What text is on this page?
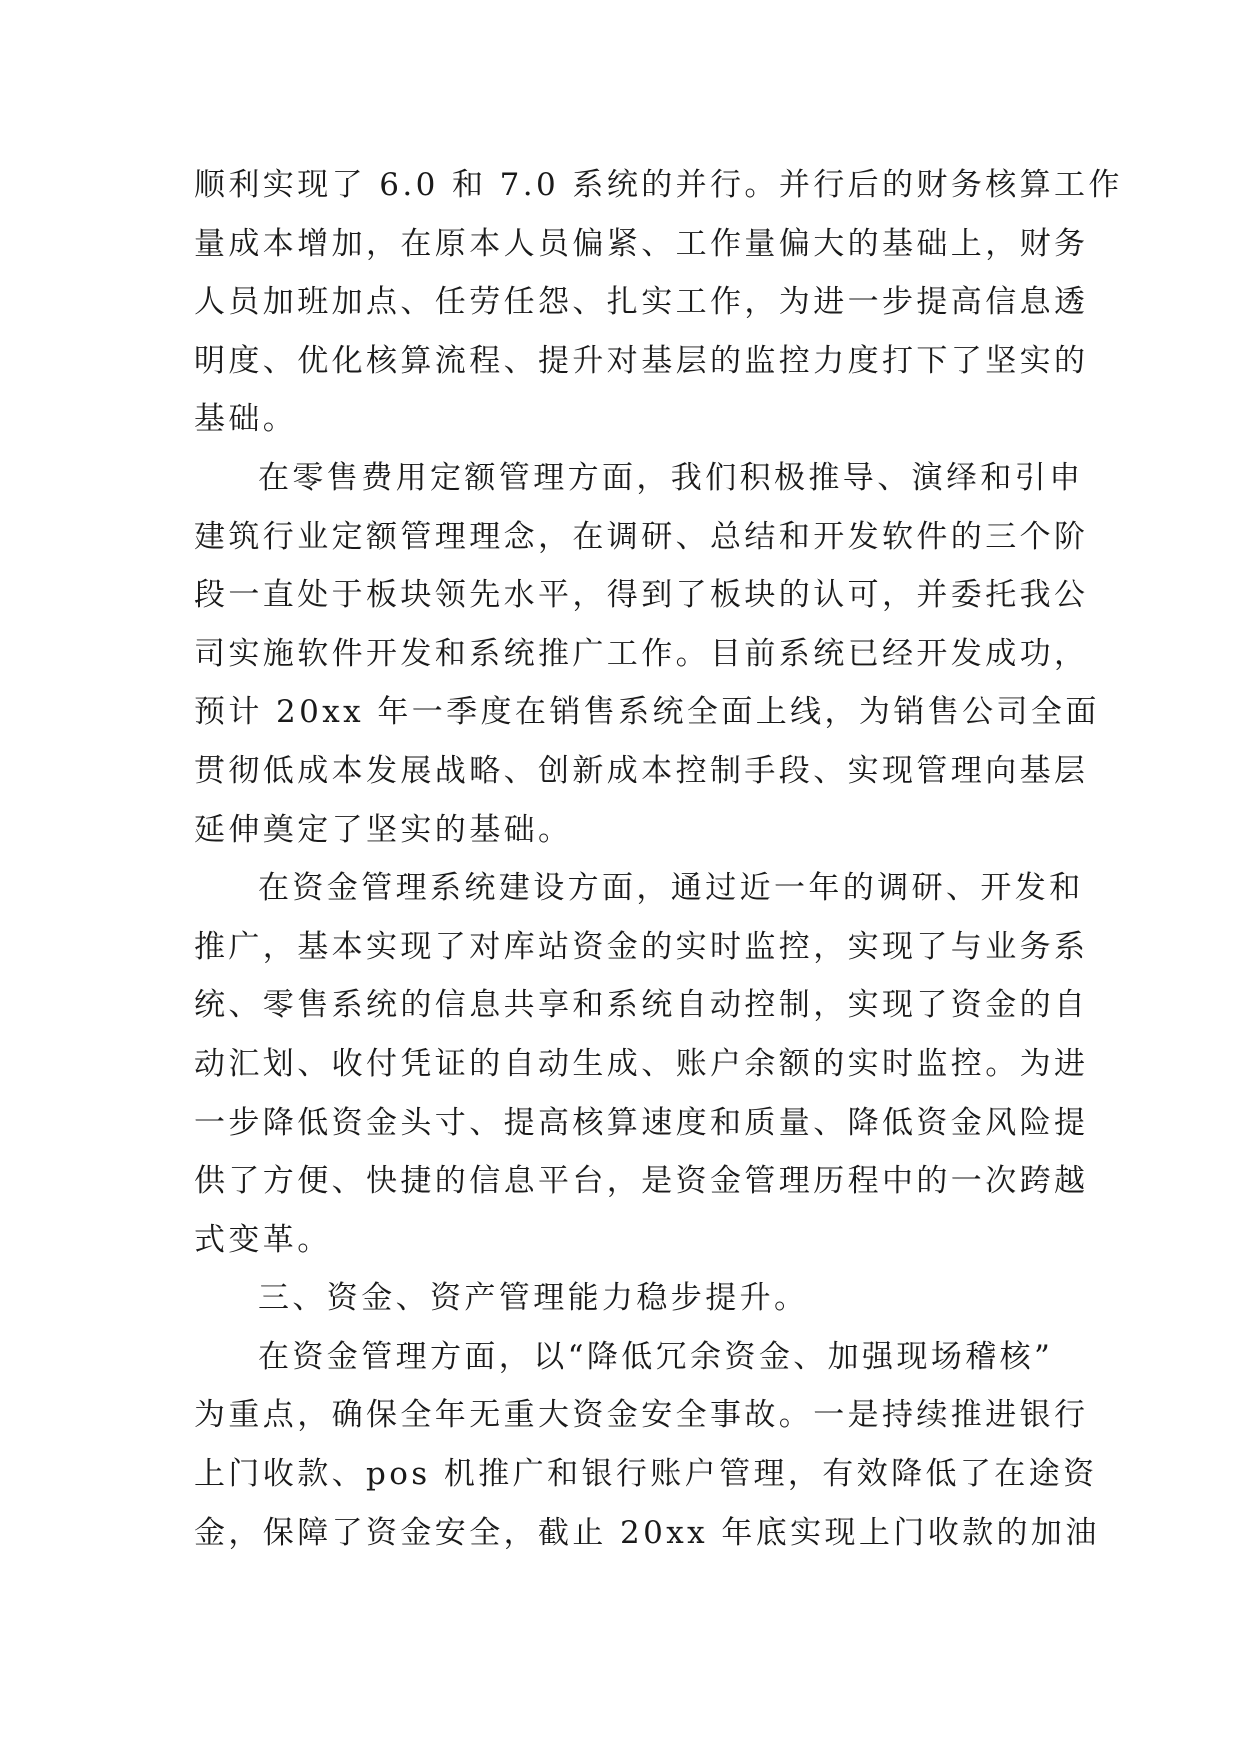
顺利实现了 6.0 和 7.0 系统的并行。并行后的财务核算工作
量成本增加，在原本人员偏紧、工作量偏大的基础上，财务
人员加班加点、任劳任怨、扎实工作，为进一步提高信息透
明度、优化核算流程、提升对基层的监控力度打下了坚实的
基础。
在零售费用定额管理方面，我们积极推导、演绎和引申
建筑行业定额管理理念，在调研、总结和开发软件的三个阶
段一直处于板块领先水平，得到了板块的认可，并委托我公
司实施软件开发和系统推广工作。目前系统已经开发成功，
预计 20xx 年一季度在销售系统全面上线，为销售公司全面
贯彻低成本发展战略、创新成本控制手段、实现管理向基层
延伸奠定了坚实的基础。
在资金管理系统建设方面，通过近一年的调研、开发和
推广，基本实现了对库站资金的实时监控，实现了与业务系
统、零售系统的信息共享和系统自动控制，实现了资金的自
动汇划、收付凭证的自动生成、账户余额的实时监控。为进
一步降低资金头寸、提高核算速度和质量、降低资金风险提
供了方便、快捷的信息平台，是资金管理历程中的一次跨越
式变革。
三、资金、资产管理能力稳步提升。
在资金管理方面，以“降低冗余资金、加强现场稽核”
为重点，确保全年无重大资金安全事故。一是持续推进银行
上门收款、pos 机推广和银行账户管理，有效降低了在途资
金，保障了资金安全，截止 20xx 年底实现上门收款的加油
